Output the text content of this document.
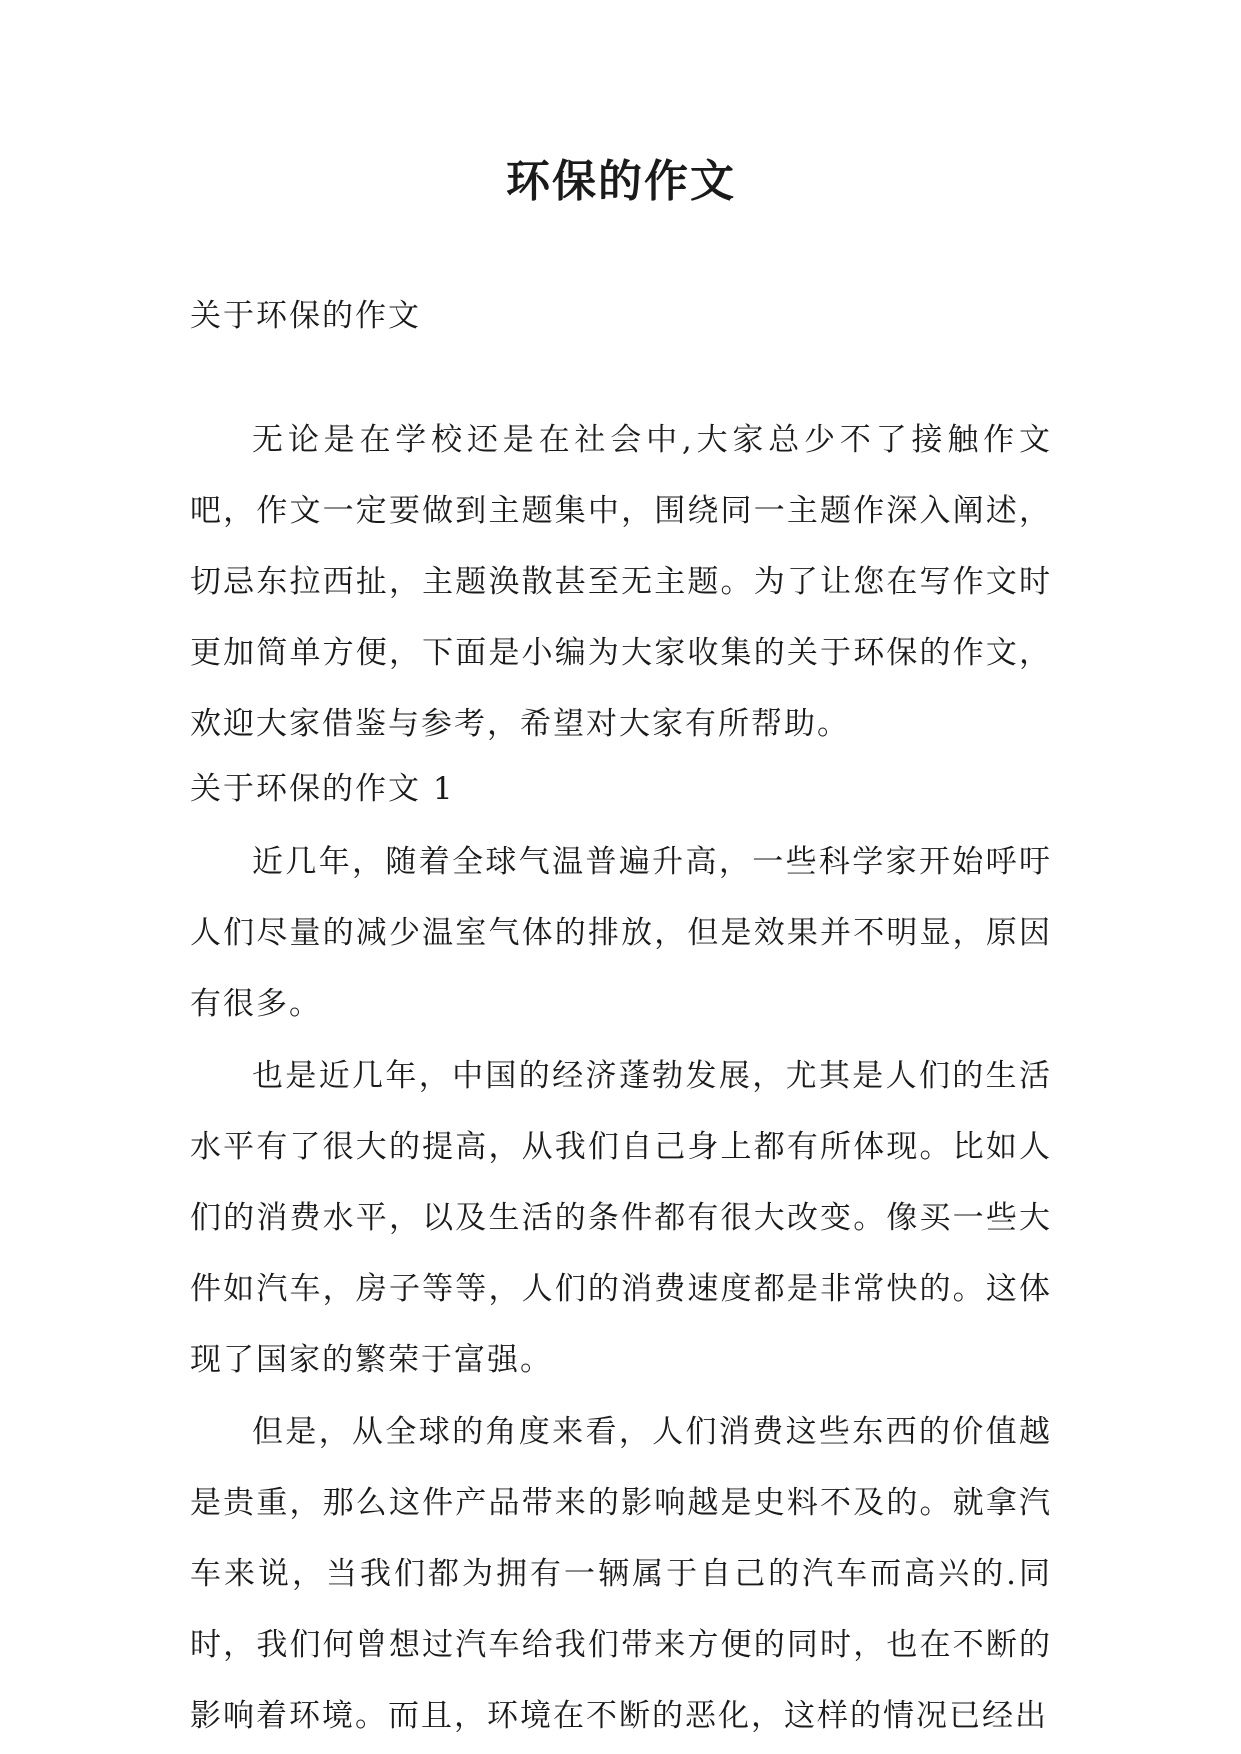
环保的作文

关于环保的作文

无论是在学校还是在社会中,大家总少不了接触作文吧，作文一定要做到主题集中，围绕同一主题作深入阐述，切忌东拉西扯，主题涣散甚至无主题。为了让您在写作文时更加简单方便，下面是小编为大家收集的关于环保的作文，欢迎大家借鉴与参考，希望对大家有所帮助。

关于环保的作文 1

近几年，随着全球气温普遍升高，一些科学家开始呼吁人们尽量的减少温室气体的排放，但是效果并不明显，原因有很多。

也是近几年，中国的经济蓬勃发展，尤其是人们的生活水平有了很大的提高，从我们自己身上都有所体现。比如人们的消费水平，以及生活的条件都有很大改变。像买一些大件如汽车，房子等等，人们的消费速度都是非常快的。这体现了国家的繁荣于富强。

但是，从全球的角度来看，人们消费这些东西的价值越是贵重，那么这件产品带来的影响越是史料不及的。就拿汽车来说，当我们都为拥有一辆属于自己的汽车而高兴的.同时，我们何曾想过汽车给我们带来方便的同时，也在不断的影响着环境。而且，环境在不断的恶化，这样的情况已经出
